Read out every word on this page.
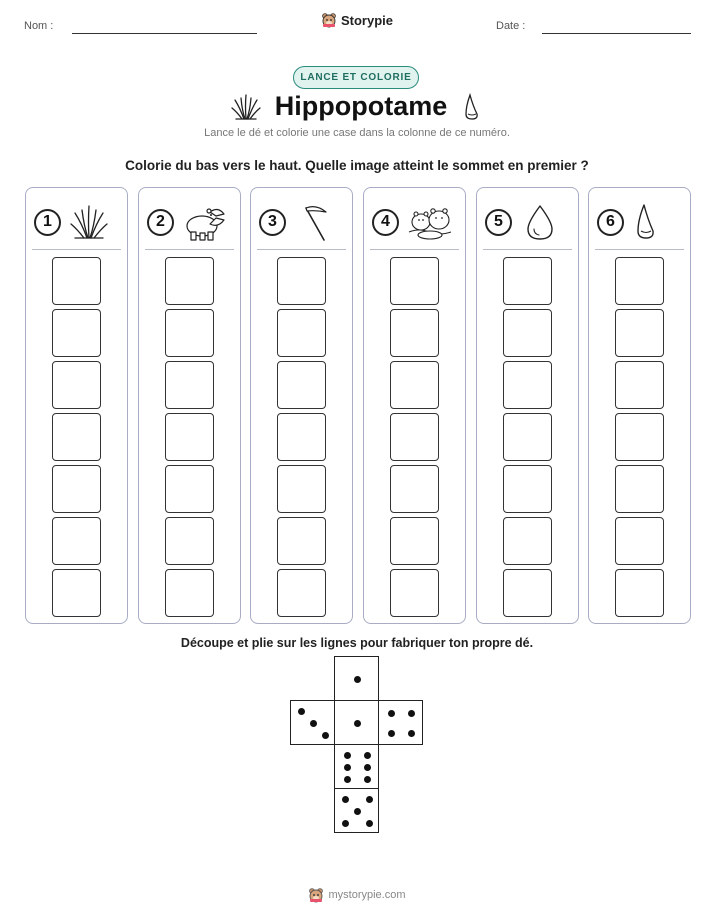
Nom :	Storypie	Date :
LANCE ET COLORIE
Hippopotame
Lance le dé et colorie une case dans la colonne de ce numéro.
Colorie du bas vers le haut. Quelle image atteint le sommet en premier ?
1	2	3	4	5	6
Découpe et plie sur les lignes pour fabriquer ton propre dé.
mystorypie.com
